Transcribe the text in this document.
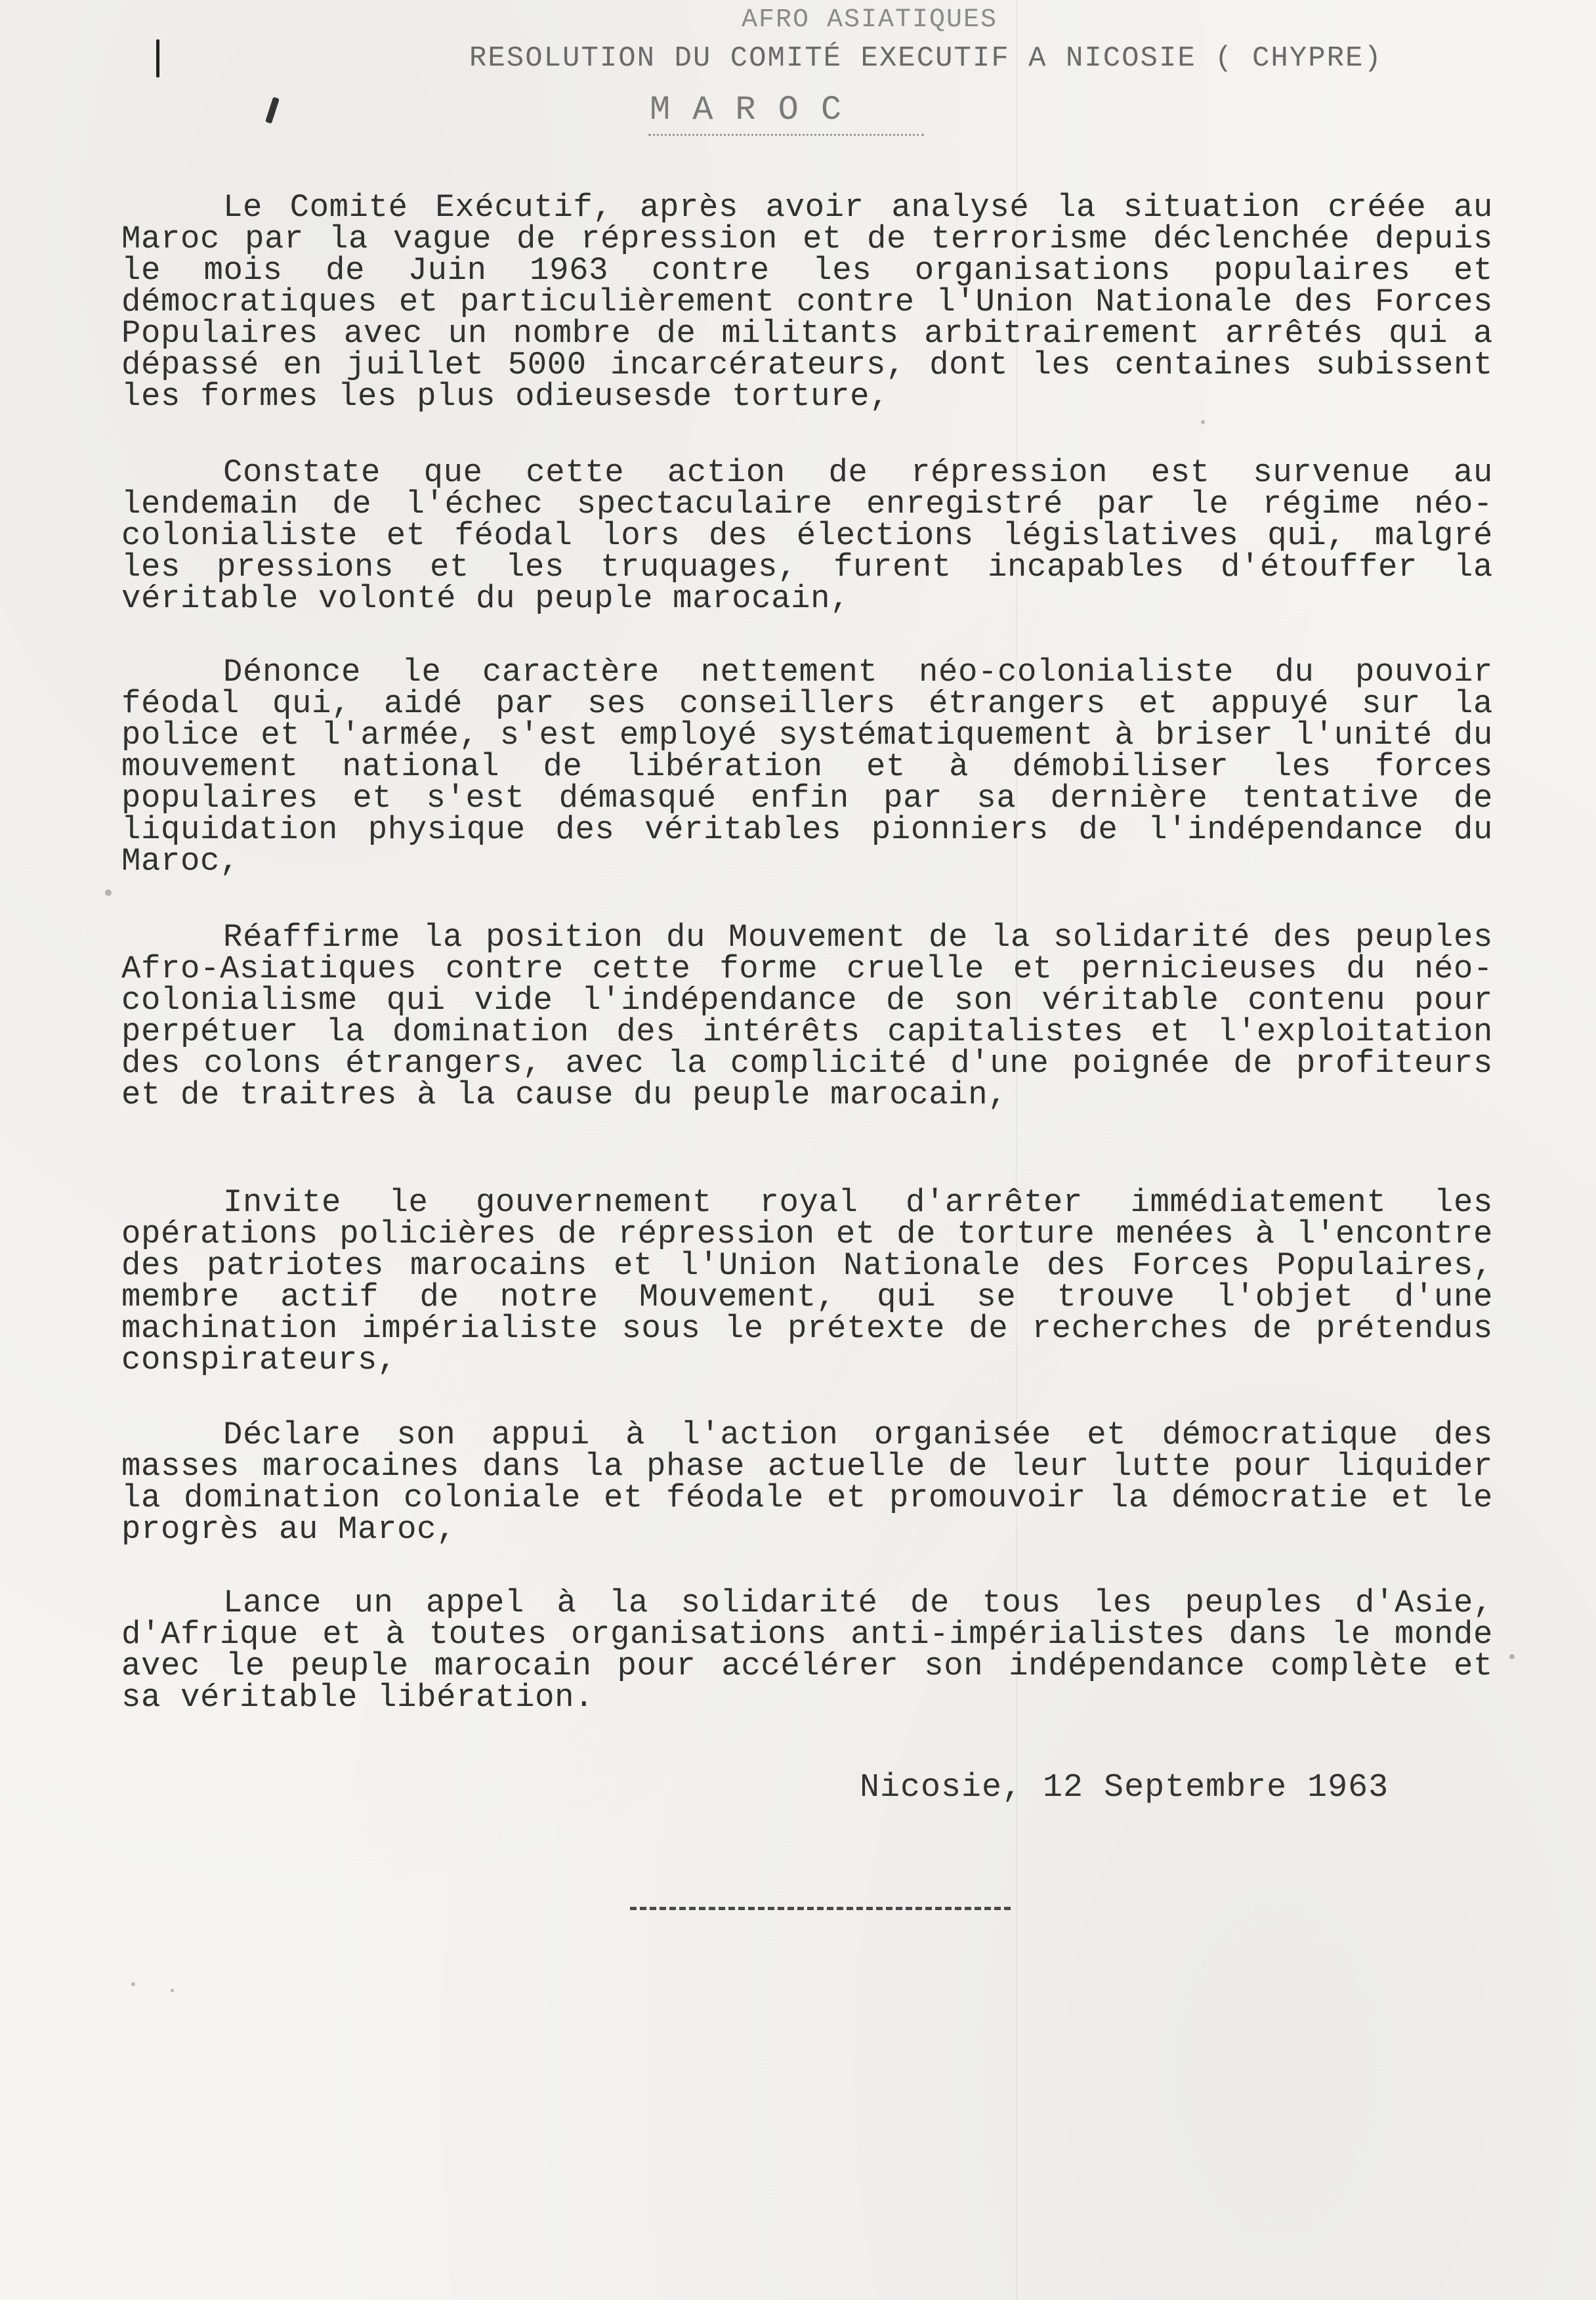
AFRO ASIATIQUES
RESOLUTION DU COMITÉ EXECUTIF A NICOSIE ( CHYPRE)
MAROC

Le Comité Exécutif, après avoir analysé la situation créée au Maroc par la vague de répression et de terrorisme déclenchée depuis le mois de Juin 1963 contre les organisations populaires et démocratiques et particulièrement contre l'Union Nationale des Forces Populaires avec un nombre de militants arbitrairement arrêtés qui a dépassé en juillet 5000 incarcérateurs, dont les centaines subissent les formes les plus odieusesde torture,

Constate que cette action de répression est survenue au lendemain de l'échec spectaculaire enregistré par le régime néo-colonialiste et féodal lors des élections législatives qui, malgré les pressions et les truquages, furent incapables d'étouffer la véritable volonté du peuple marocain,

Dénonce le caractère nettement néo-colonialiste du pouvoir féodal qui, aidé par ses conseillers étrangers et appuyé sur la police et l'armée, s'est employé systématiquement à briser l'unité du mouvement national de libération et à démobiliser les forces populaires et s'est démasqué enfin par sa dernière tentative de liquidation physique des véritables pionniers de l'indépendance du Maroc,

Réaffirme la position du Mouvement de la solidarité des peuples Afro-Asiatiques contre cette forme cruelle et pernicieuses du néo-colonialisme qui vide l'indépendance de son véritable contenu pour perpétuer la domination des intérêts capitalistes et l'exploitation des colons étrangers, avec la complicité d'une poignée de profiteurs et de traitres à la cause du peuple marocain,

Invite le gouvernement royal d'arrêter immédiatement les opérations policières de répression et de torture menées à l'encontre des patriotes marocains et l'Union Nationale des Forces Populaires, membre actif de notre Mouvement, qui se trouve l'objet d'une machination impérialiste sous le prétexte de recherches de prétendus conspirateurs,

Déclare son appui à l'action organisée et démocratique des masses marocaines dans la phase actuelle de leur lutte pour liquider la domination coloniale et féodale et promouvoir la démocratie et le progrès au Maroc,

Lance un appel à la solidarité de tous les peuples d'Asie, d'Afrique et à toutes organisations anti-impérialistes dans le monde avec le peuple marocain pour accélérer son indépendance complète et sa véritable libération.

Nicosie, 12 Septembre 1963
